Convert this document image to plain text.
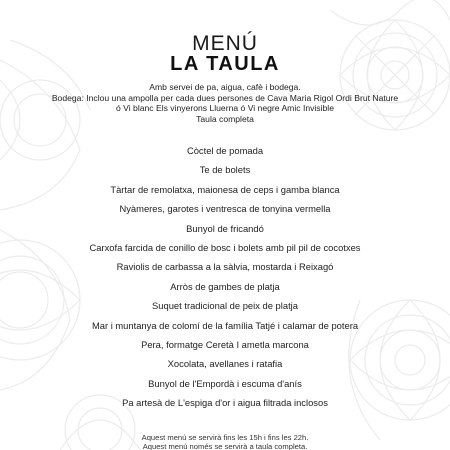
MENÚ
LA TAULA
Amb servei de pa, aigua, cafè i bodega.
Bodega: Inclou una ampolla per cada dues persones de Cava Maria Rigol Ordi Brut Nature
ó Vi blanc Els vinyerons Lluerna ó Vi negre Amic Invisible
Taula completa
Còctel de pomada
Te de bolets
Tàrtar de remolatxa, maionesa de ceps i gamba blanca
Nyàmeres, garotes i ventresca de tonyina vermella
Bunyol de fricandó
Carxofa farcida de conillo de bosc i bolets amb pil pil de cocotxes
Raviolis de carbassa a la sàlvia, mostarda i Reixagó
Arròs de gambes de platja
Suquet tradicional de peix de platja
Mar i muntanya de colomí de la família Tatjé i calamar de potera
Pera, formatge Ceretà I ametla marcona
Xocolata, avellanes i ratafia
Bunyol de l'Empordà i escuma d'anís
Pa artesà de L'espiga d'or i aigua filtrada inclosos
Aquest menú se servirà fins les 15h i fins les 22h.
Aquest menú només se servirà a taula completa.
